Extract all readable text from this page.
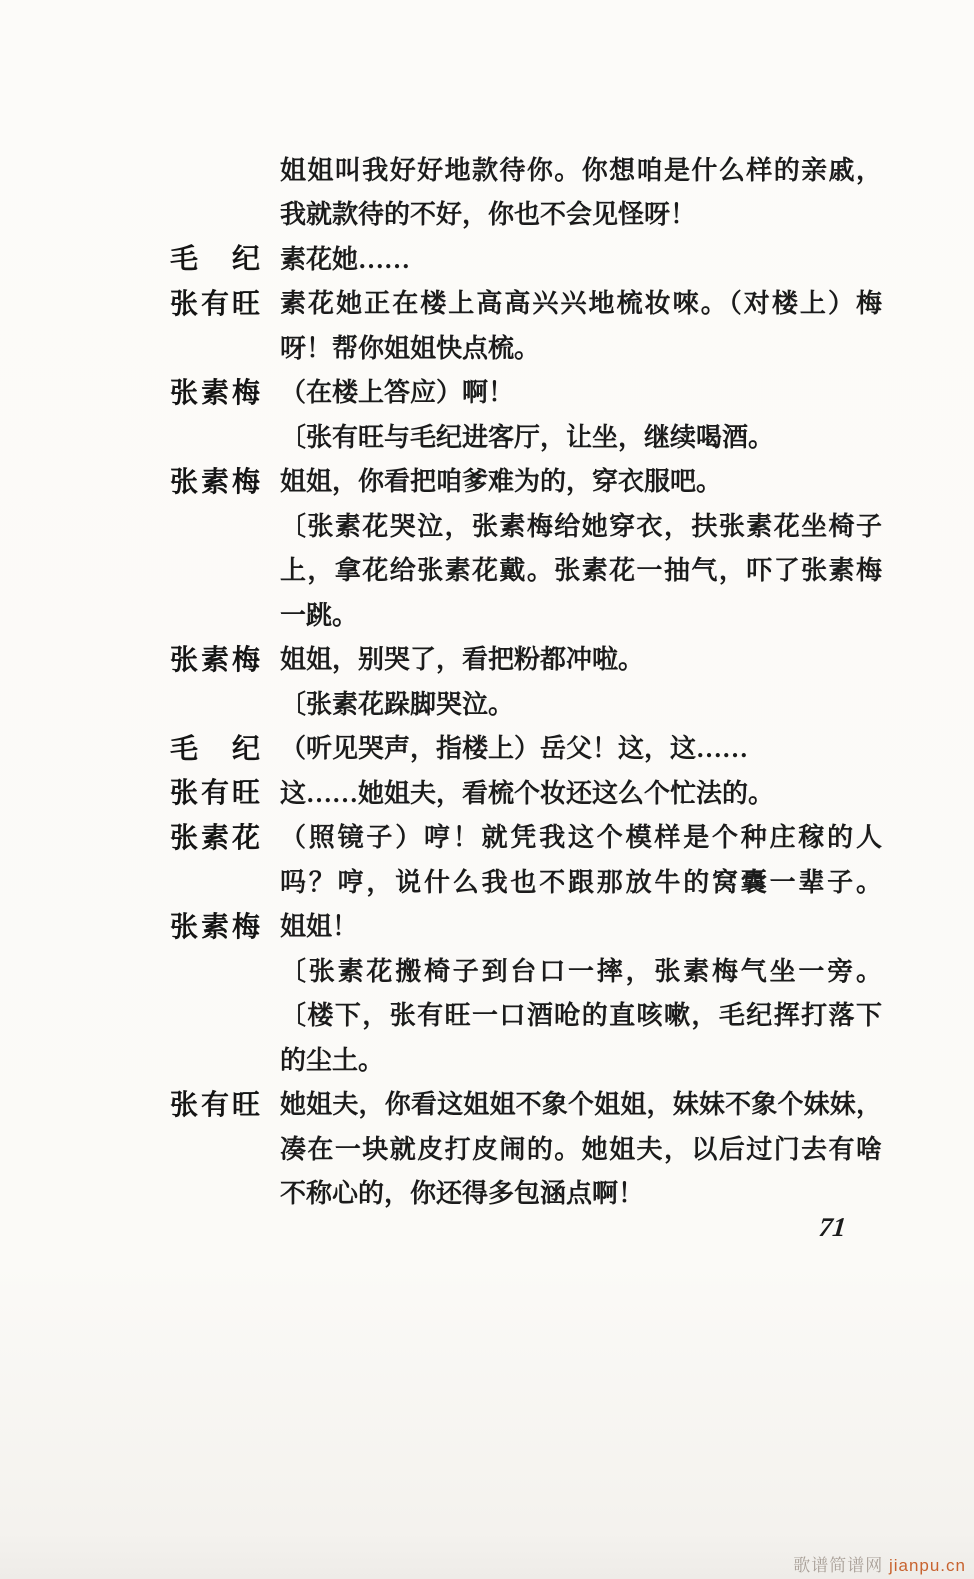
姐姐叫我好好地款待你。你想咱是什么样的亲戚，
我就款待的不好，你也不会见怪呀！
毛　纪 素花她……
张有旺 素花她正在楼上高高兴兴地梳妆唻。（对楼上）梅
呀！帮你姐姐快点梳。
张素梅 （在楼上答应）啊！
〔张有旺与毛纪进客厅，让坐，继续喝酒。
张素梅 姐姐，你看把咱爹难为的，穿衣服吧。
〔张素花哭泣，张素梅给她穿衣，扶张素花坐椅子
上，拿花给张素花戴。张素花一抽气，吓了张素梅
一跳。
张素梅 姐姐，别哭了，看把粉都冲啦。
〔张素花跺脚哭泣。
毛　纪 （听见哭声，指楼上）岳父！这，这……
张有旺 这……她姐夫，看梳个妆还这么个忙法的。
张素花 （照镜子）哼！就凭我这个模样是个种庄稼的人
吗？哼，说什么我也不跟那放牛的窝囊一辈子。
张素梅 姐姐！
〔张素花搬椅子到台口一摔，张素梅气坐一旁。
〔楼下，张有旺一口酒呛的直咳嗽，毛纪挥打落下
的尘土。
张有旺 她姐夫，你看这姐姐不象个姐姐，妹妹不象个妹妹，
凑在一块就皮打皮闹的。她姐夫，以后过门去有啥
不称心的，你还得多包涵点啊！
71
歌谱简谱网 jianpu.cn
